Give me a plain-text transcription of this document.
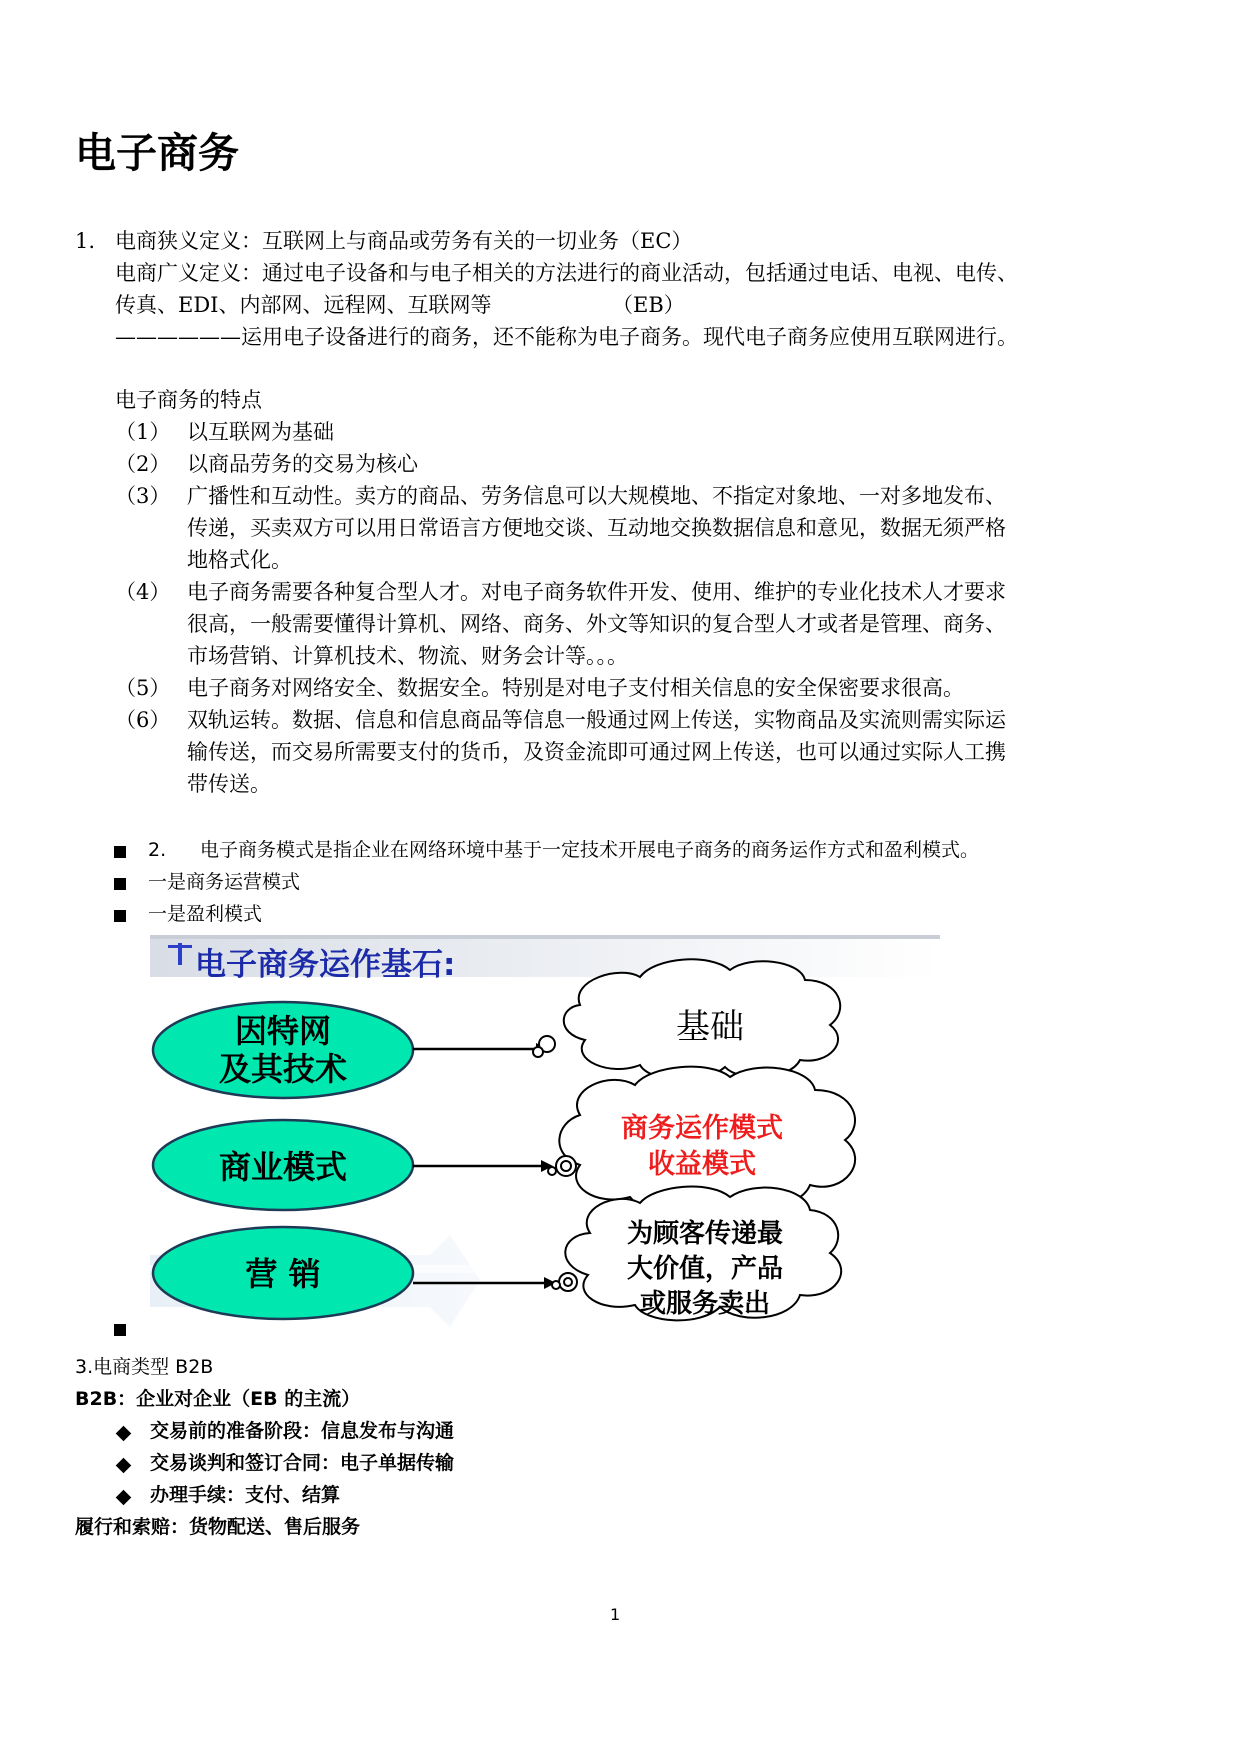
电子商务
1. 电商狭义定义：互联网上与商品或劳务有关的一切业务（EC）
电商广义定义：通过电子设备和与电子相关的方法进行的商业活动，包括通过电话、电视、电传、
传真、EDI、内部网、远程网、互联网等	（EB）
——————运用电子设备进行的商务，还不能称为电子商务。现代电子商务应使用互联网进行。
电子商务的特点
（1） 以互联网为基础
（2） 以商品劳务的交易为核心
（3） 广播性和互动性。卖方的商品、劳务信息可以大规模地、不指定对象地、一对多地发布、
传递，买卖双方可以用日常语言方便地交谈、互动地交换数据信息和意见，数据无须严格
地格式化。
（4） 电子商务需要各种复合型人才。对电子商务软件开发、使用、维护的专业化技术人才要求
很高，一般需要懂得计算机、网络、商务、外文等知识的复合型人才或者是管理、商务、
市场营销、计算机技术、物流、财务会计等。。。
（5） 电子商务对网络安全、数据安全。特别是对电子支付相关信息的安全保密要求很高。
（6） 双轨运转。数据、信息和信息商品等信息一般通过网上传送，实物商品及实流则需实际运
输传送，而交易所需要支付的货币，及资金流即可通过网上传送，也可以通过实际人工携
带传送。
2. 电子商务模式是指企业在网络环境中基于一定技术开展电子商务的商务运作方式和盈利模式。
一是商务运营模式
一是盈利模式
电子商务运作基石:
因特网
及其技术
商业模式
营 销
基础
商务运作模式
收益模式
为顾客传递最
大价值，产品
或服务卖出
3.电商类型 B2B
B2B：企业对企业（EB 的主流）
交易前的准备阶段：信息发布与沟通
交易谈判和签订合同：电子单据传输
办理手续：支付、结算
履行和索赔：货物配送、售后服务
1
